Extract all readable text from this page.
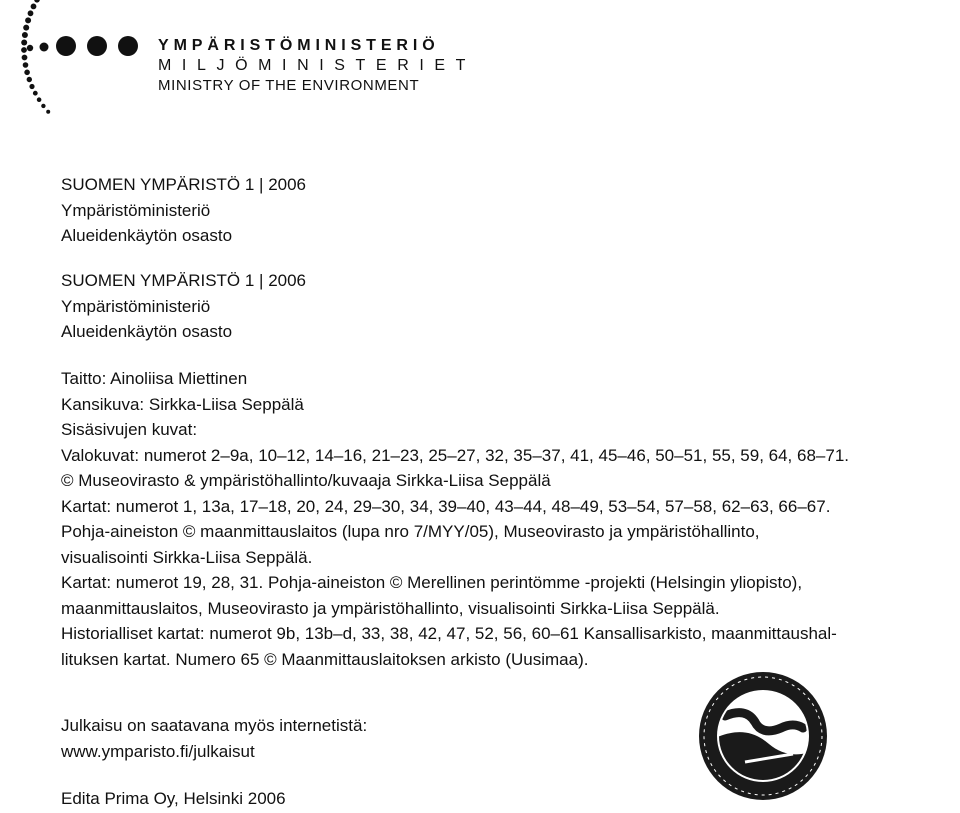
YMPÄRISTÖMINISTERIÖ
MILJÖMINISTERIET
MINISTRY OF THE ENVIRONMENT
SUOMEN YMPÄRISTÖ 1 | 2006
Ympäristöministeriö
Alueidenkäytön osasto
SUOMEN YMPÄRISTÖ 1 | 2006
Ympäristöministeriö
Alueidenkäytön osasto
Taitto: Ainoliisa Miettinen
Kansikuva: Sirkka-Liisa Seppälä
Sisäsivujen kuvat:
Valokuvat: numerot 2–9a, 10–12, 14–16, 21–23, 25–27, 32, 35–37, 41, 45–46, 50–51, 55, 59, 64, 68–71.
© Museovirasto & ympäristöhallinto/kuvaaja Sirkka-Liisa Seppälä
Kartat: numerot 1, 13a, 17–18, 20, 24, 29–30, 34, 39–40, 43–44, 48–49, 53–54, 57–58, 62–63, 66–67.
Pohja-aineiston © maanmittauslaitos (lupa nro 7/MYY/05), Museovirasto ja ympäristöhallinto,
visualisointi Sirkka-Liisa Seppälä.
Kartat: numerot 19, 28, 31. Pohja-aineiston © Merellinen perintömme -projekti (Helsingin yliopisto),
maanmittauslaitos, Museovirasto ja ympäristöhallinto, visualisointi Sirkka-Liisa Seppälä.
Historialliset kartat: numerot 9b, 13b–d, 33, 38, 42, 47, 52, 56, 60–61 Kansallisarkisto, maanmittaushal-
lituksen kartat. Numero 65 © Maanmittauslaitoksen arkisto (Uusimaa).
Julkaisu on saatavana myös internetistä:
www.ymparisto.fi/julkaisut
Edita Prima Oy, Helsinki 2006
